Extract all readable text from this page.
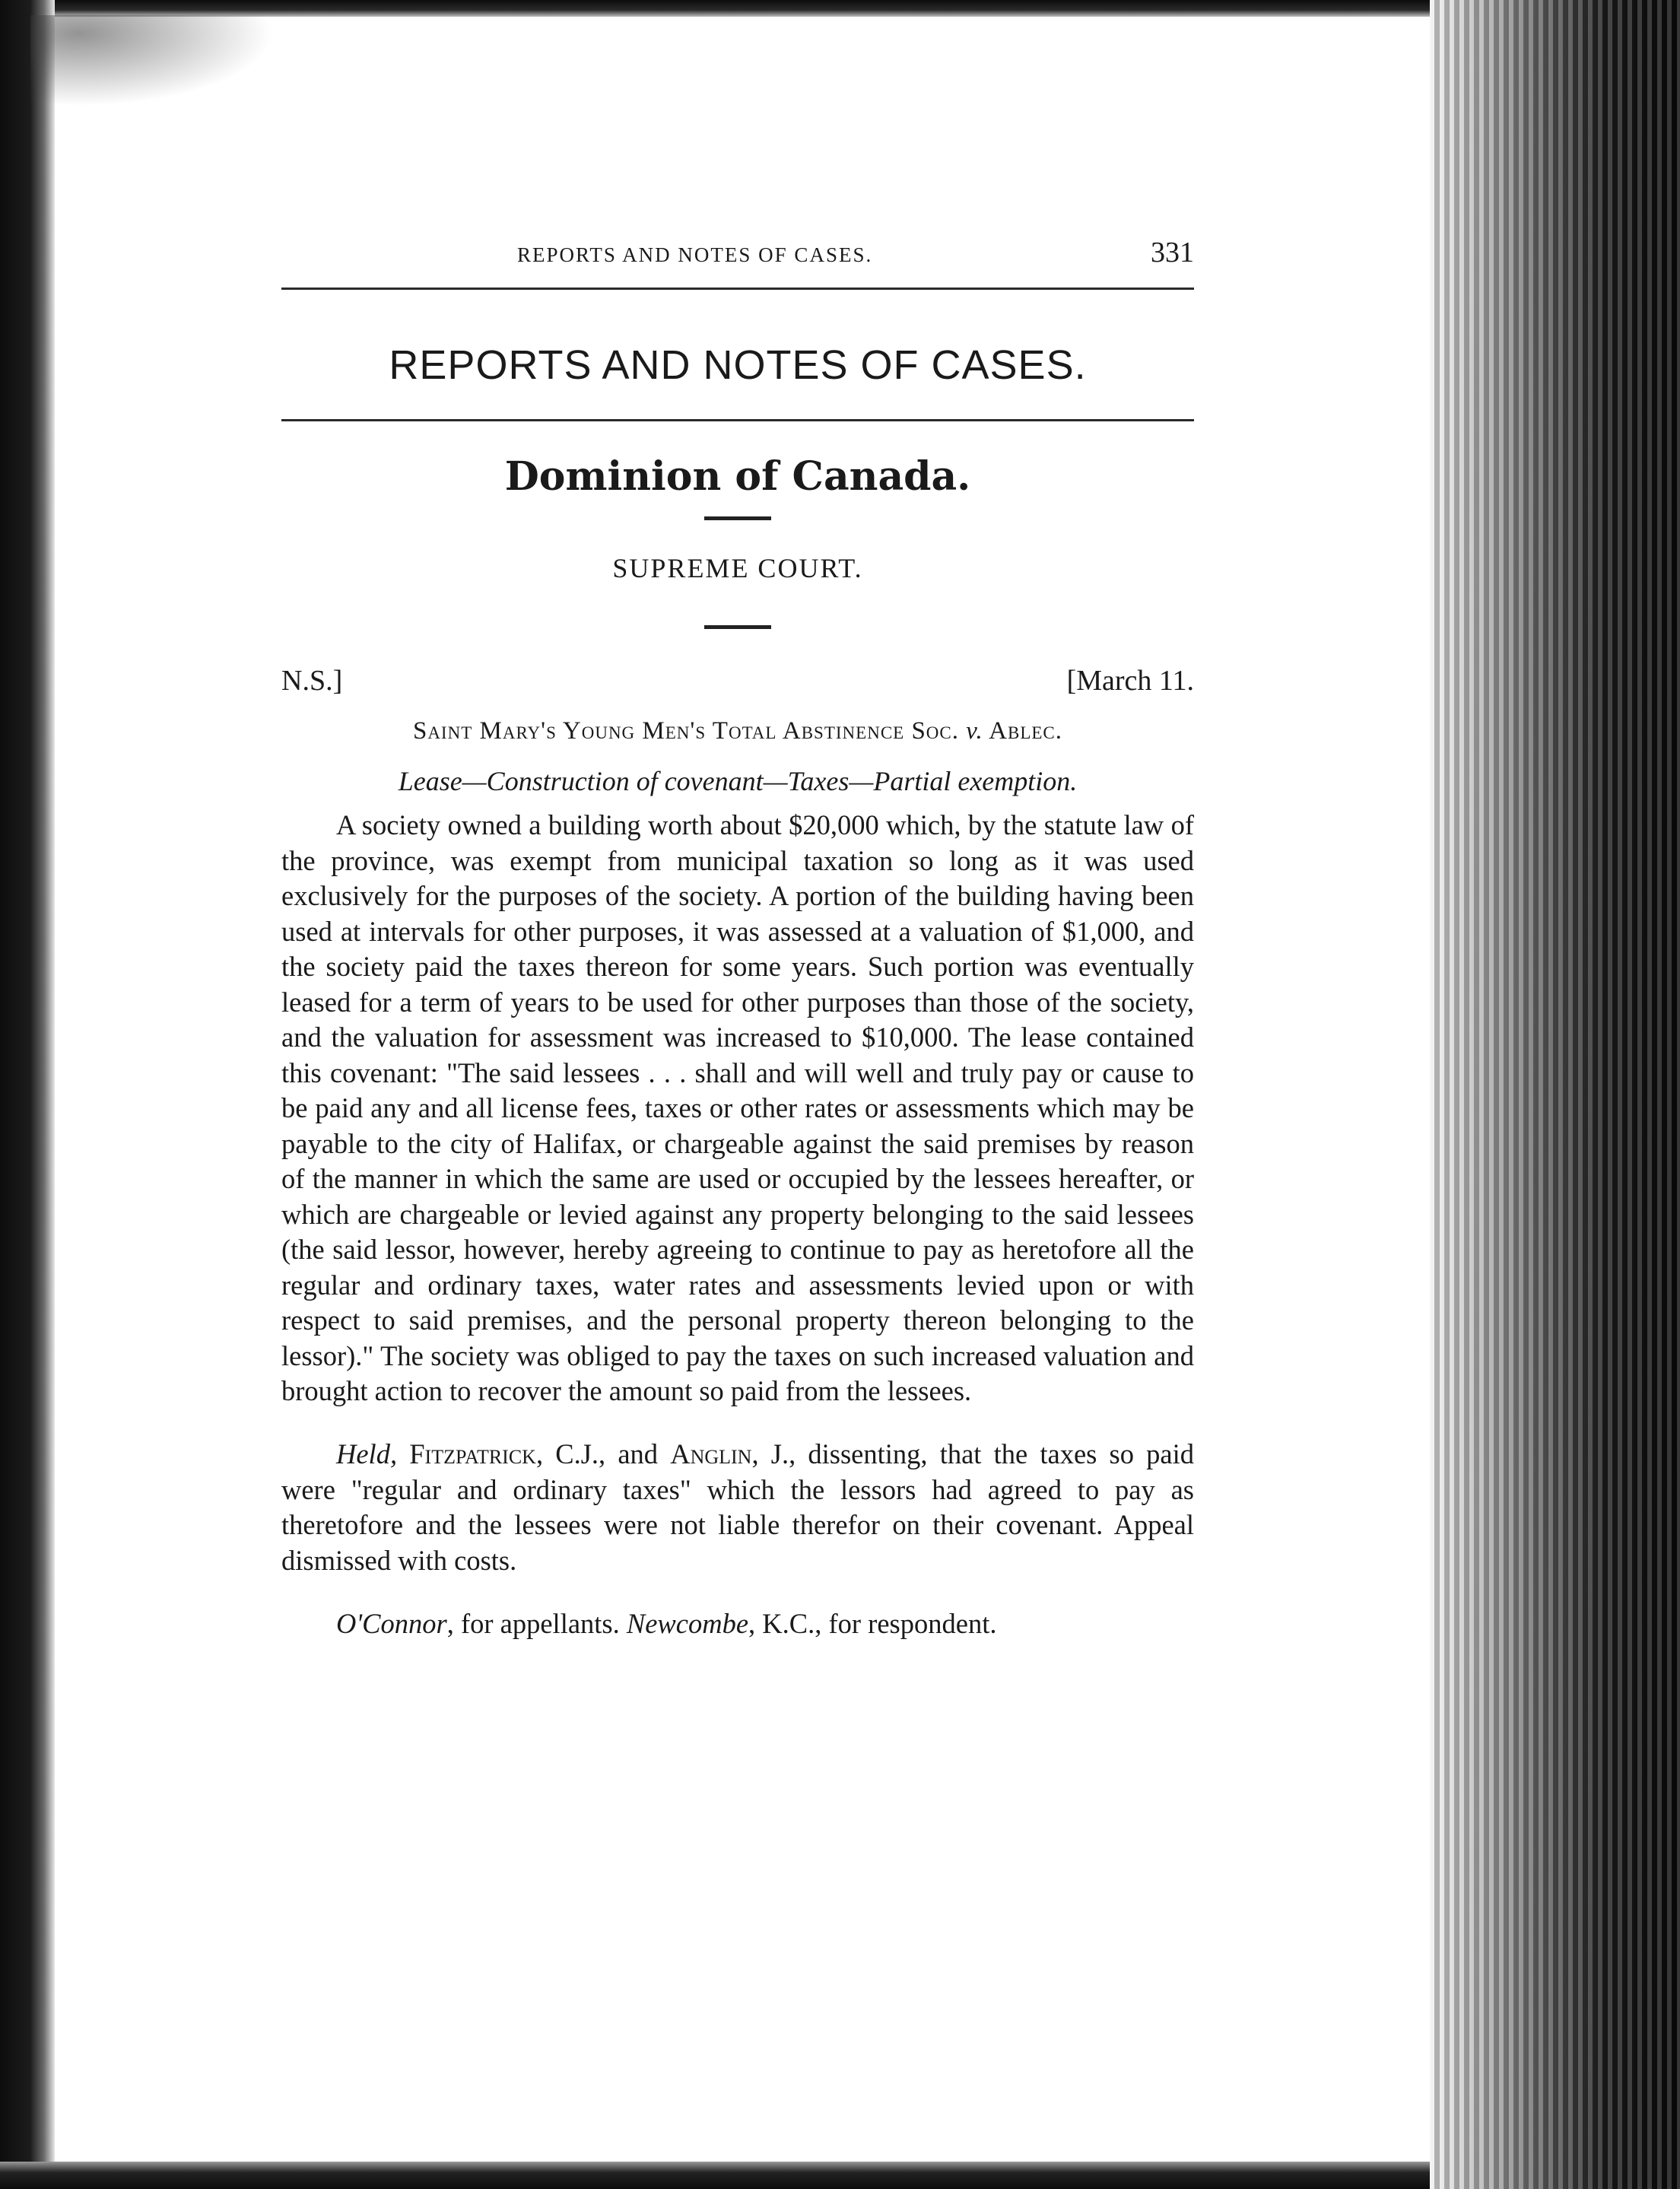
REPORTS AND NOTES OF CASES.	331
REPORTS AND NOTES OF CASES.
Dominion of Canada.
SUPREME COURT.
N.S.]	[March 11.
Saint Mary's Young Men's Total Abstinence Soc. v. Ablec.
Lease—Construction of covenant—Taxes—Partial exemption.

A society owned a building worth about $20,000 which, by the statute law of the province, was exempt from municipal taxation so long as it was used exclusively for the purposes of the society. A portion of the building having been used at intervals for other purposes, it was assessed at a valuation of $1,000, and the society paid the taxes thereon for some years. Such portion was eventually leased for a term of years to be used for other purposes than those of the society, and the valuation for assessment was increased to $10,000. The lease contained this covenant: "The said lessees . . . shall and will well and truly pay or cause to be paid any and all license fees, taxes or other rates or assessments which may be payable to the city of Halifax, or chargeable against the said premises by reason of the manner in which the same are used or occupied by the lessees hereafter, or which are chargeable or levied against any property belonging to the said lessees (the said lessor, however, hereby agreeing to continue to pay as heretofore all the regular and ordinary taxes, water rates and assessments levied upon or with respect to said premises, and the personal property thereon belonging to the lessor)." The society was obliged to pay the taxes on such increased valuation and brought action to recover the amount so paid from the lessees.

Held, Fitzpatrick, C.J., and Anglin, J., dissenting, that the taxes so paid were "regular and ordinary taxes" which the lessors had agreed to pay as theretofore and the lessees were not liable therefor on their covenant. Appeal dismissed with costs.

O'Connor, for appellants. Newcombe, K.C., for respondent.
